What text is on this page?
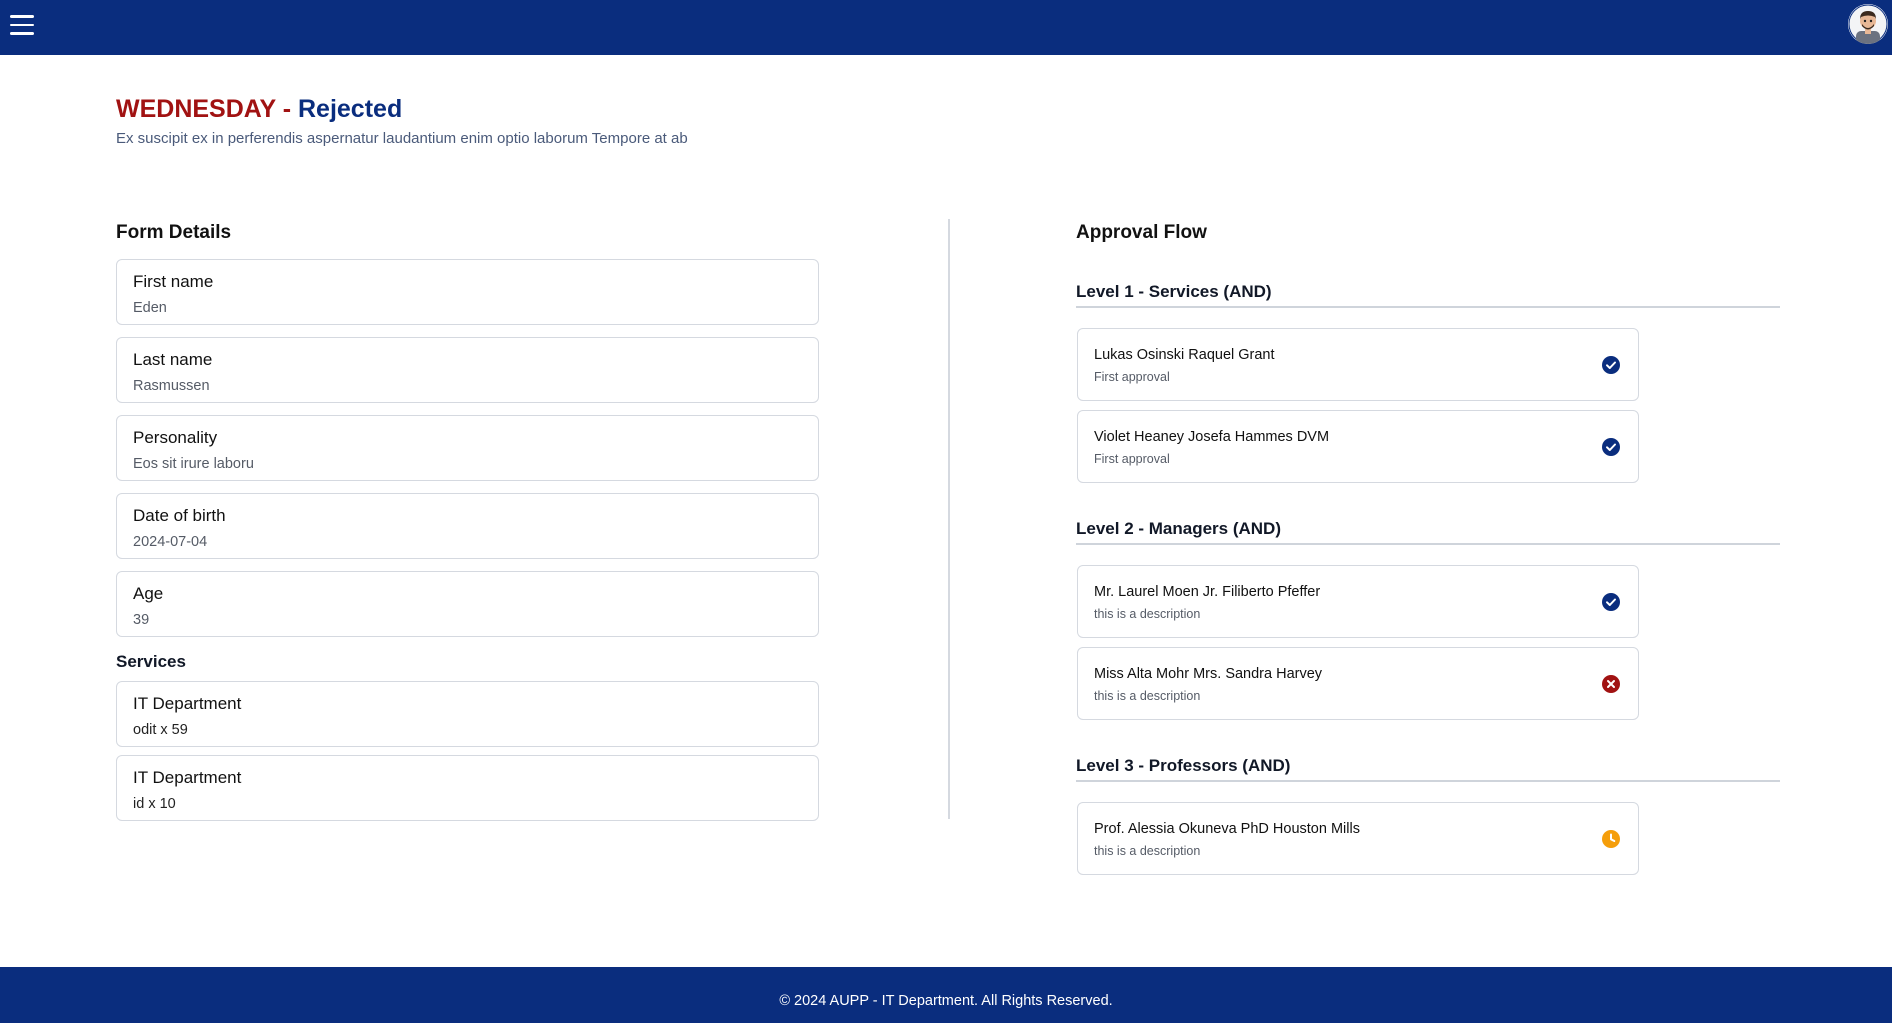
WEDNESDAY - Rejected

Ex suscipit ex in perferendis aspernatur laudantium enim optio laborum Tempore at ab

Form Details
First name
Eden
Last name
Rasmussen
Personality
Eos sit irure laboru
Date of birth
2024-07-04
Age
39
Services
IT Department
odit x 59
IT Department
id x 10
Approval Flow
Level 1 - Services (AND)
Lukas Osinski Raquel Grant
First approval
Violet Heaney Josefa Hammes DVM
First approval
Level 2 - Managers (AND)
Mr. Laurel Moen Jr. Filiberto Pfeffer
this is a description
Miss Alta Mohr Mrs. Sandra Harvey
this is a description
Level 3 - Professors (AND)
Prof. Alessia Okuneva PhD Houston Mills
this is a description
© 2024 AUPP - IT Department. All Rights Reserved.
